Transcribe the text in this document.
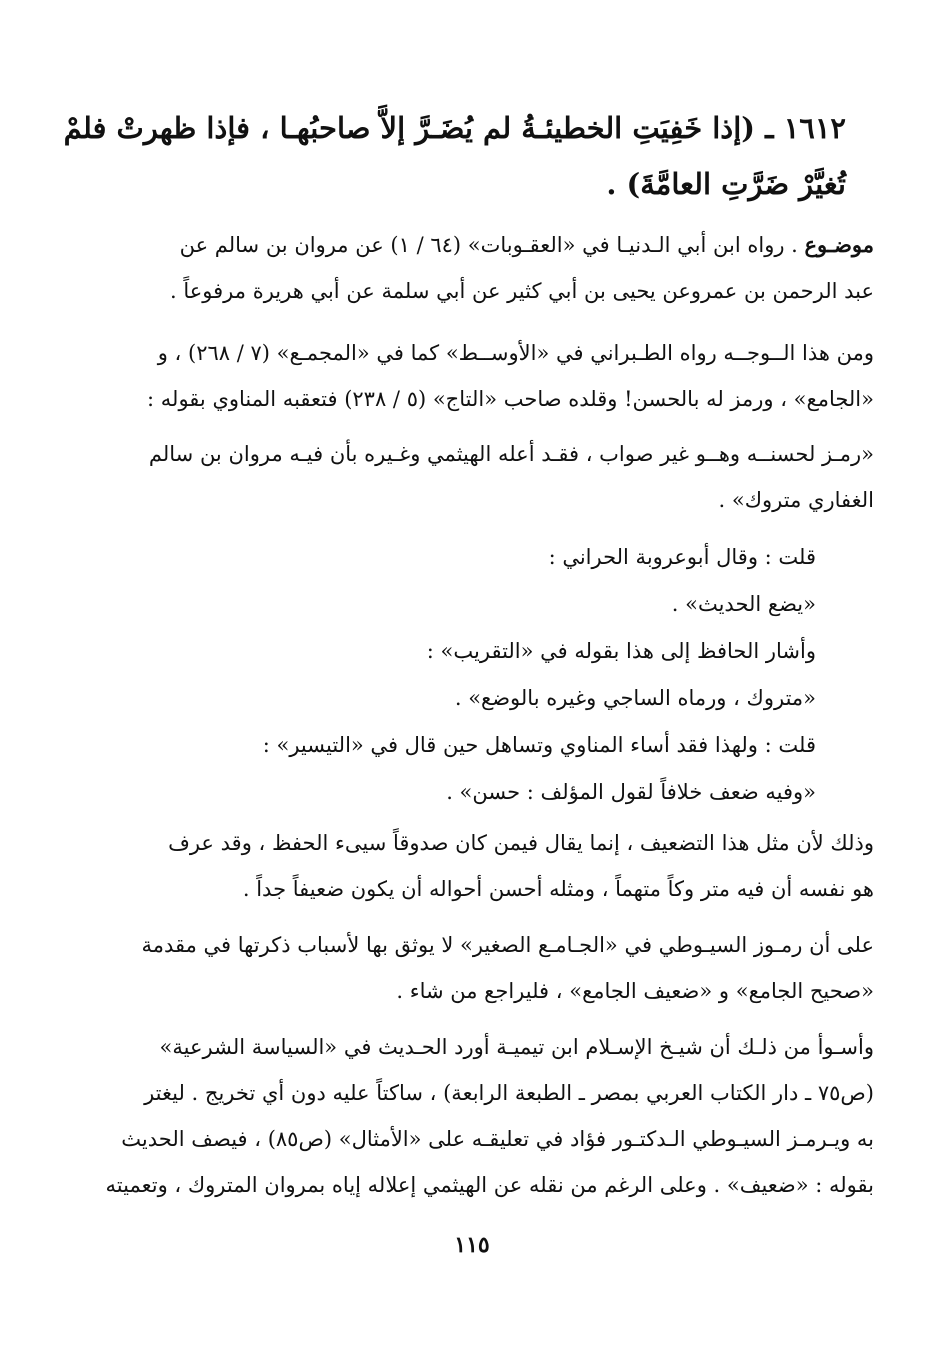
١٦١٢ ـ (إذا خَفِيَتِ الخطيئـةُ لم يُضَـرَّ إلاَّ صاحبُهـا ، فإذا ظهرتْ فلمْ
تُغيَّرْ ضَرَّتِ العامَّةَ) .
موضـوع . رواه ابن أبي الـدنيـا في «العقـوبات» (٦٤ / ١) عن مروان بن سالم عن
عبد الرحمن بن عمروعن يحيى بن أبي كثير عن أبي سلمة عن أبي هريرة مرفوعاً .
ومن هذا الــوجــه رواه الطـبراني في «الأوســط» كما في «المجمـع» (٧ / ٢٦٨) ، و
«الجامع» ، ورمز له بالحسن! وقلده صاحب «التاج» (٥ / ٢٣٨) فتعقبه المناوي بقوله :
«رمـز لحسنــه وهــو غير صواب ، فقـد أعله الهيثمي وغـيره بأن فيـه مروان بن سالم
الغفاري متروك» .
قلت : وقال أبوعروبة الحراني :
«يضع الحديث» .
وأشار الحافظ إلى هذا بقوله في «التقريب» :
«متروك ، ورماه الساجي وغيره بالوضع» .
قلت : ولهذا فقد أساء المناوي وتساهل حين قال في «التيسير» :
«وفيه ضعف خلافاً لقول المؤلف : حسن» .
وذلك لأن مثل هذا التضعيف ، إنما يقال فيمن كان صدوقاً سيىء الحفظ ، وقد عرف
هو نفسه أن فيه متر وكاً متهماً ، ومثله أحسن أحواله أن يكون ضعيفاً جداً .
على أن رمـوز السيـوطي في «الجـامـع الصغير» لا يوثق بها لأسباب ذكرتها في مقدمة
«صحيح الجامع» و «ضعيف الجامع» ، فليراجع من شاء .
وأسـوأ من ذلـك أن شيـخ الإسـلام ابن تيميـة أورد الحـديث في «السياسة الشرعية»
(ص٧٥ ـ دار الكتاب العربي بمصر ـ الطبعة الرابعة) ، ساكتاً عليه دون أي تخريج . ليغتر
به ويـرمـز السيـوطي الـدكتـور فؤاد في تعليقـه على «الأمثال» (ص٨٥) ، فيصف الحديث
بقوله : «ضعيف» . وعلى الرغم من نقله عن الهيثمي إعلاله إياه بمروان المتروك ، وتعميته
١١٥
